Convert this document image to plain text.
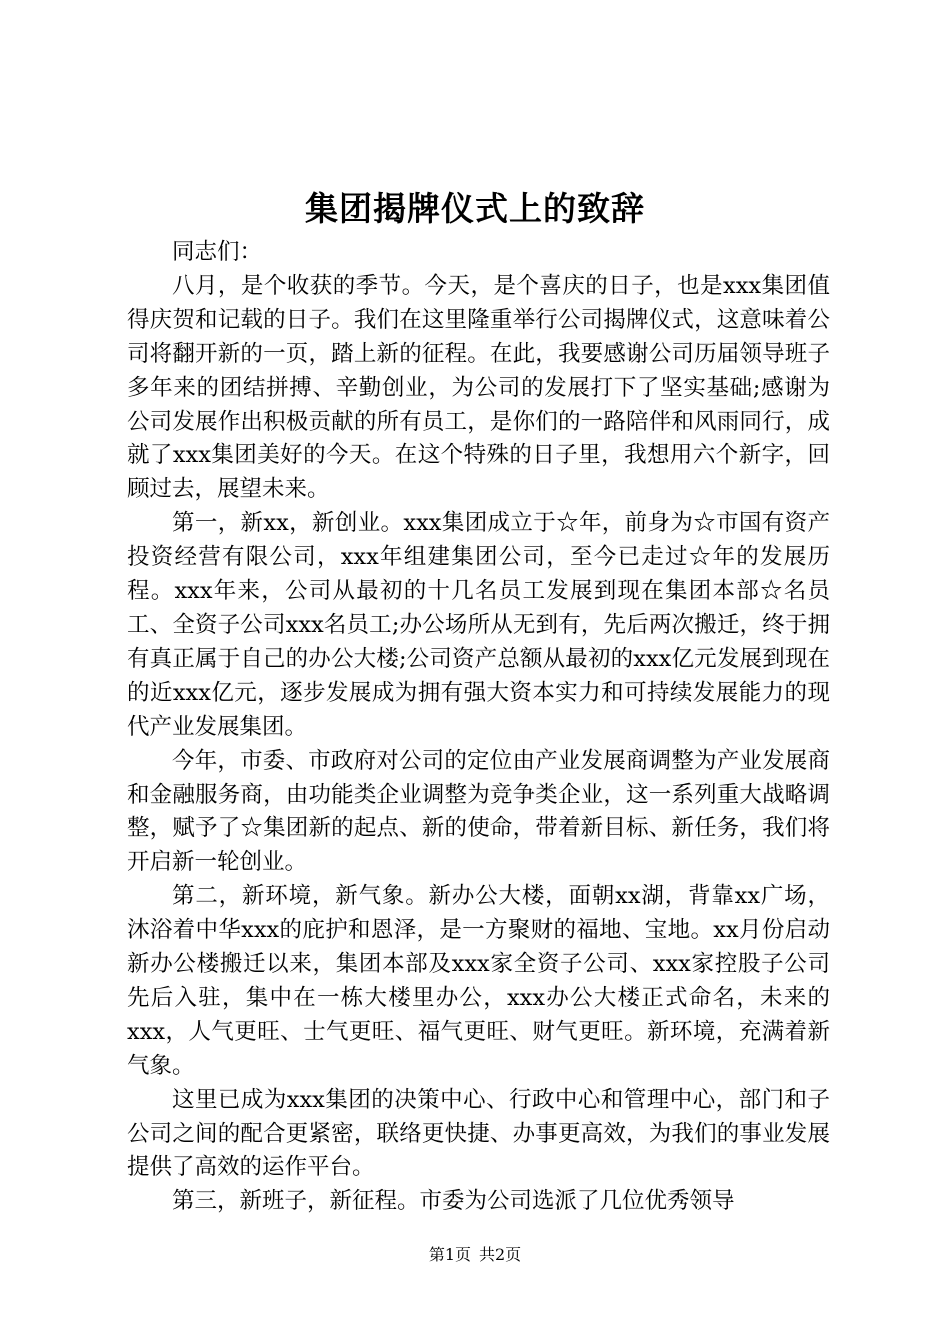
集团揭牌仪式上的致辞

同志们：

八月，是个收获的季节。今天，是个喜庆的日子，也是xxx集团值得庆贺和记载的日子。我们在这里隆重举行公司揭牌仪式，这意味着公司将翻开新的一页，踏上新的征程。在此，我要感谢公司历届领导班子多年来的团结拼搏、辛勤创业，为公司的发展打下了坚实基础;感谢为公司发展作出积极贡献的所有员工，是你们的一路陪伴和风雨同行，成就了xxx集团美好的今天。在这个特殊的日子里，我想用六个新字，回顾过去，展望未来。

第一，新xx，新创业。xxx集团成立于☆年，前身为☆市国有资产投资经营有限公司，xxx年组建集团公司，至今已走过☆年的发展历程。xxx年来，公司从最初的十几名员工发展到现在集团本部☆名员工、全资子公司xxx名员工;办公场所从无到有，先后两次搬迁，终于拥有真正属于自己的办公大楼;公司资产总额从最初的xxx亿元发展到现在的近xxx亿元，逐步发展成为拥有强大资本实力和可持续发展能力的现代产业发展集团。

今年，市委、市政府对公司的定位由产业发展商调整为产业发展商和金融服务商，由功能类企业调整为竞争类企业，这一系列重大战略调整，赋予了☆集团新的起点、新的使命，带着新目标、新任务，我们将开启新一轮创业。

第二，新环境，新气象。新办公大楼，面朝xx湖，背靠xx广场，沐浴着中华xxx的庇护和恩泽，是一方聚财的福地、宝地。xx月份启动新办公楼搬迁以来，集团本部及xxx家全资子公司、xxx家控股子公司先后入驻，集中在一栋大楼里办公，xxx办公大楼正式命名，未来的xxx，人气更旺、士气更旺、福气更旺、财气更旺。新环境，充满着新气象。

这里已成为xxx集团的决策中心、行政中心和管理中心，部门和子公司之间的配合更紧密，联络更快捷、办事更高效，为我们的事业发展提供了高效的运作平台。

第三，新班子，新征程。市委为公司选派了几位优秀领导

第1页 共2页
